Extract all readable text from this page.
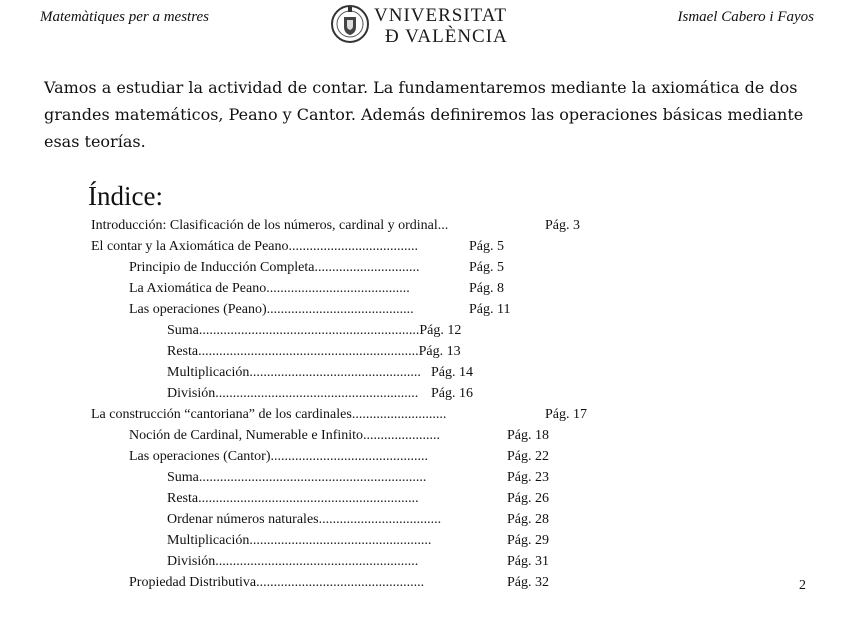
Matemàtiques per a mestres	VNIVERSITAT
Ð VALÈNCIA
Ismael Cabero i Fayos
Vamos a estudiar la actividad de contar. La fundamentaremos mediante la axiomática de dos grandes matemáticos, Peano y Cantor. Además definiremos las operaciones básicas mediante esas teorías.
Índice:
Introducción: Clasificación de los números, cardinal y ordinal...	Pág. 3
El contar y la Axiomática de Peano.....................................	Pág. 5
Principio de Inducción Completa..............................	Pág. 5
La Axiomática de Peano.........................................	Pág. 8
Las operaciones (Peano)..........................................	Pág. 11
Suma...............................................................Pág. 12
Resta...............................................................Pág. 13
Multiplicación................................................. Pág. 14
División.......................................................... Pág. 16
La construcción “cantoriana” de los cardinales...........................	Pág. 17
Noción de Cardinal, Numerable e Infinito......................	Pág. 18
Las operaciones (Cantor).............................................	Pág. 22
Suma.................................................................	Pág. 23
Resta...............................................................	Pág. 26
Ordenar números naturales...................................	Pág. 28
Multiplicación....................................................	Pág. 29
División..........................................................	Pág. 31
Propiedad Distributiva................................................	Pág. 32	2
